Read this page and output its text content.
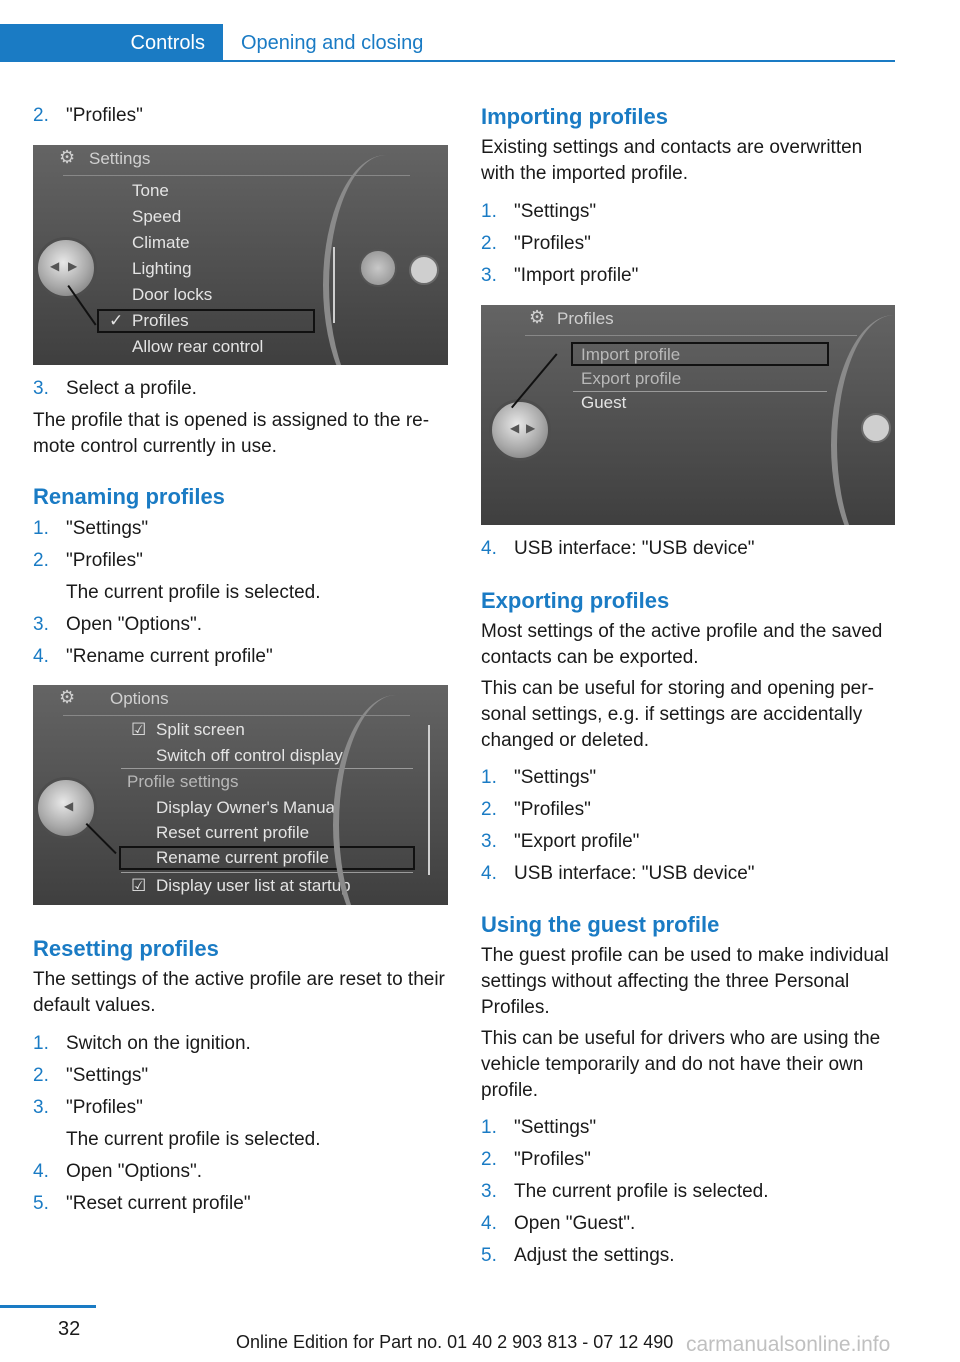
Controls	Opening and closing
2. "Profiles"
⚙ Settings
Tone
Speed
Climate
Lighting
Door locks
✓ Profiles
Allow rear control
◀ ▶
3. Select a profile.

The profile that is opened is assigned to the re‐mote control currently in use.

Renaming profiles
1. "Settings"
2. "Profiles"
The current profile is selected.
3. Open "Options".
4. "Rename current profile"
⚙ Options
☑ Split screen
Switch off control display
Profile settings
Display Owner's Manual
Reset current profile
Rename current profile
☑ Display user list at startup
◀
Resetting profiles

The settings of the active profile are reset to their default values.

1. Switch on the ignition.
2. "Settings"
3. "Profiles"
The current profile is selected.
4. Open "Options".
5. "Reset current profile"
Importing profiles

Existing settings and contacts are overwritten with the imported profile.

1. "Settings"
2. "Profiles"
3. "Import profile"
⚙ Profiles
Import profile
Export profile
Guest
◀ ▶
4. USB interface: "USB device"
Exporting profiles

Most settings of the active profile and the saved contacts can be exported.

This can be useful for storing and opening per‐sonal settings, e.g. if settings are accidentally changed or deleted.

1. "Settings"
2. "Profiles"
3. "Export profile"
4. USB interface: "USB device"
Using the guest profile

The guest profile can be used to make individual settings without affecting the three Personal Profiles.

This can be useful for drivers who are using the vehicle temporarily and do not have their own profile.

1. "Settings"
2. "Profiles"
3. The current profile is selected.
4. Open "Guest".
5. Adjust the settings.
32
Online Edition for Part no. 01 40 2 903 813 - 07 12 490 carmanualsonline.info
